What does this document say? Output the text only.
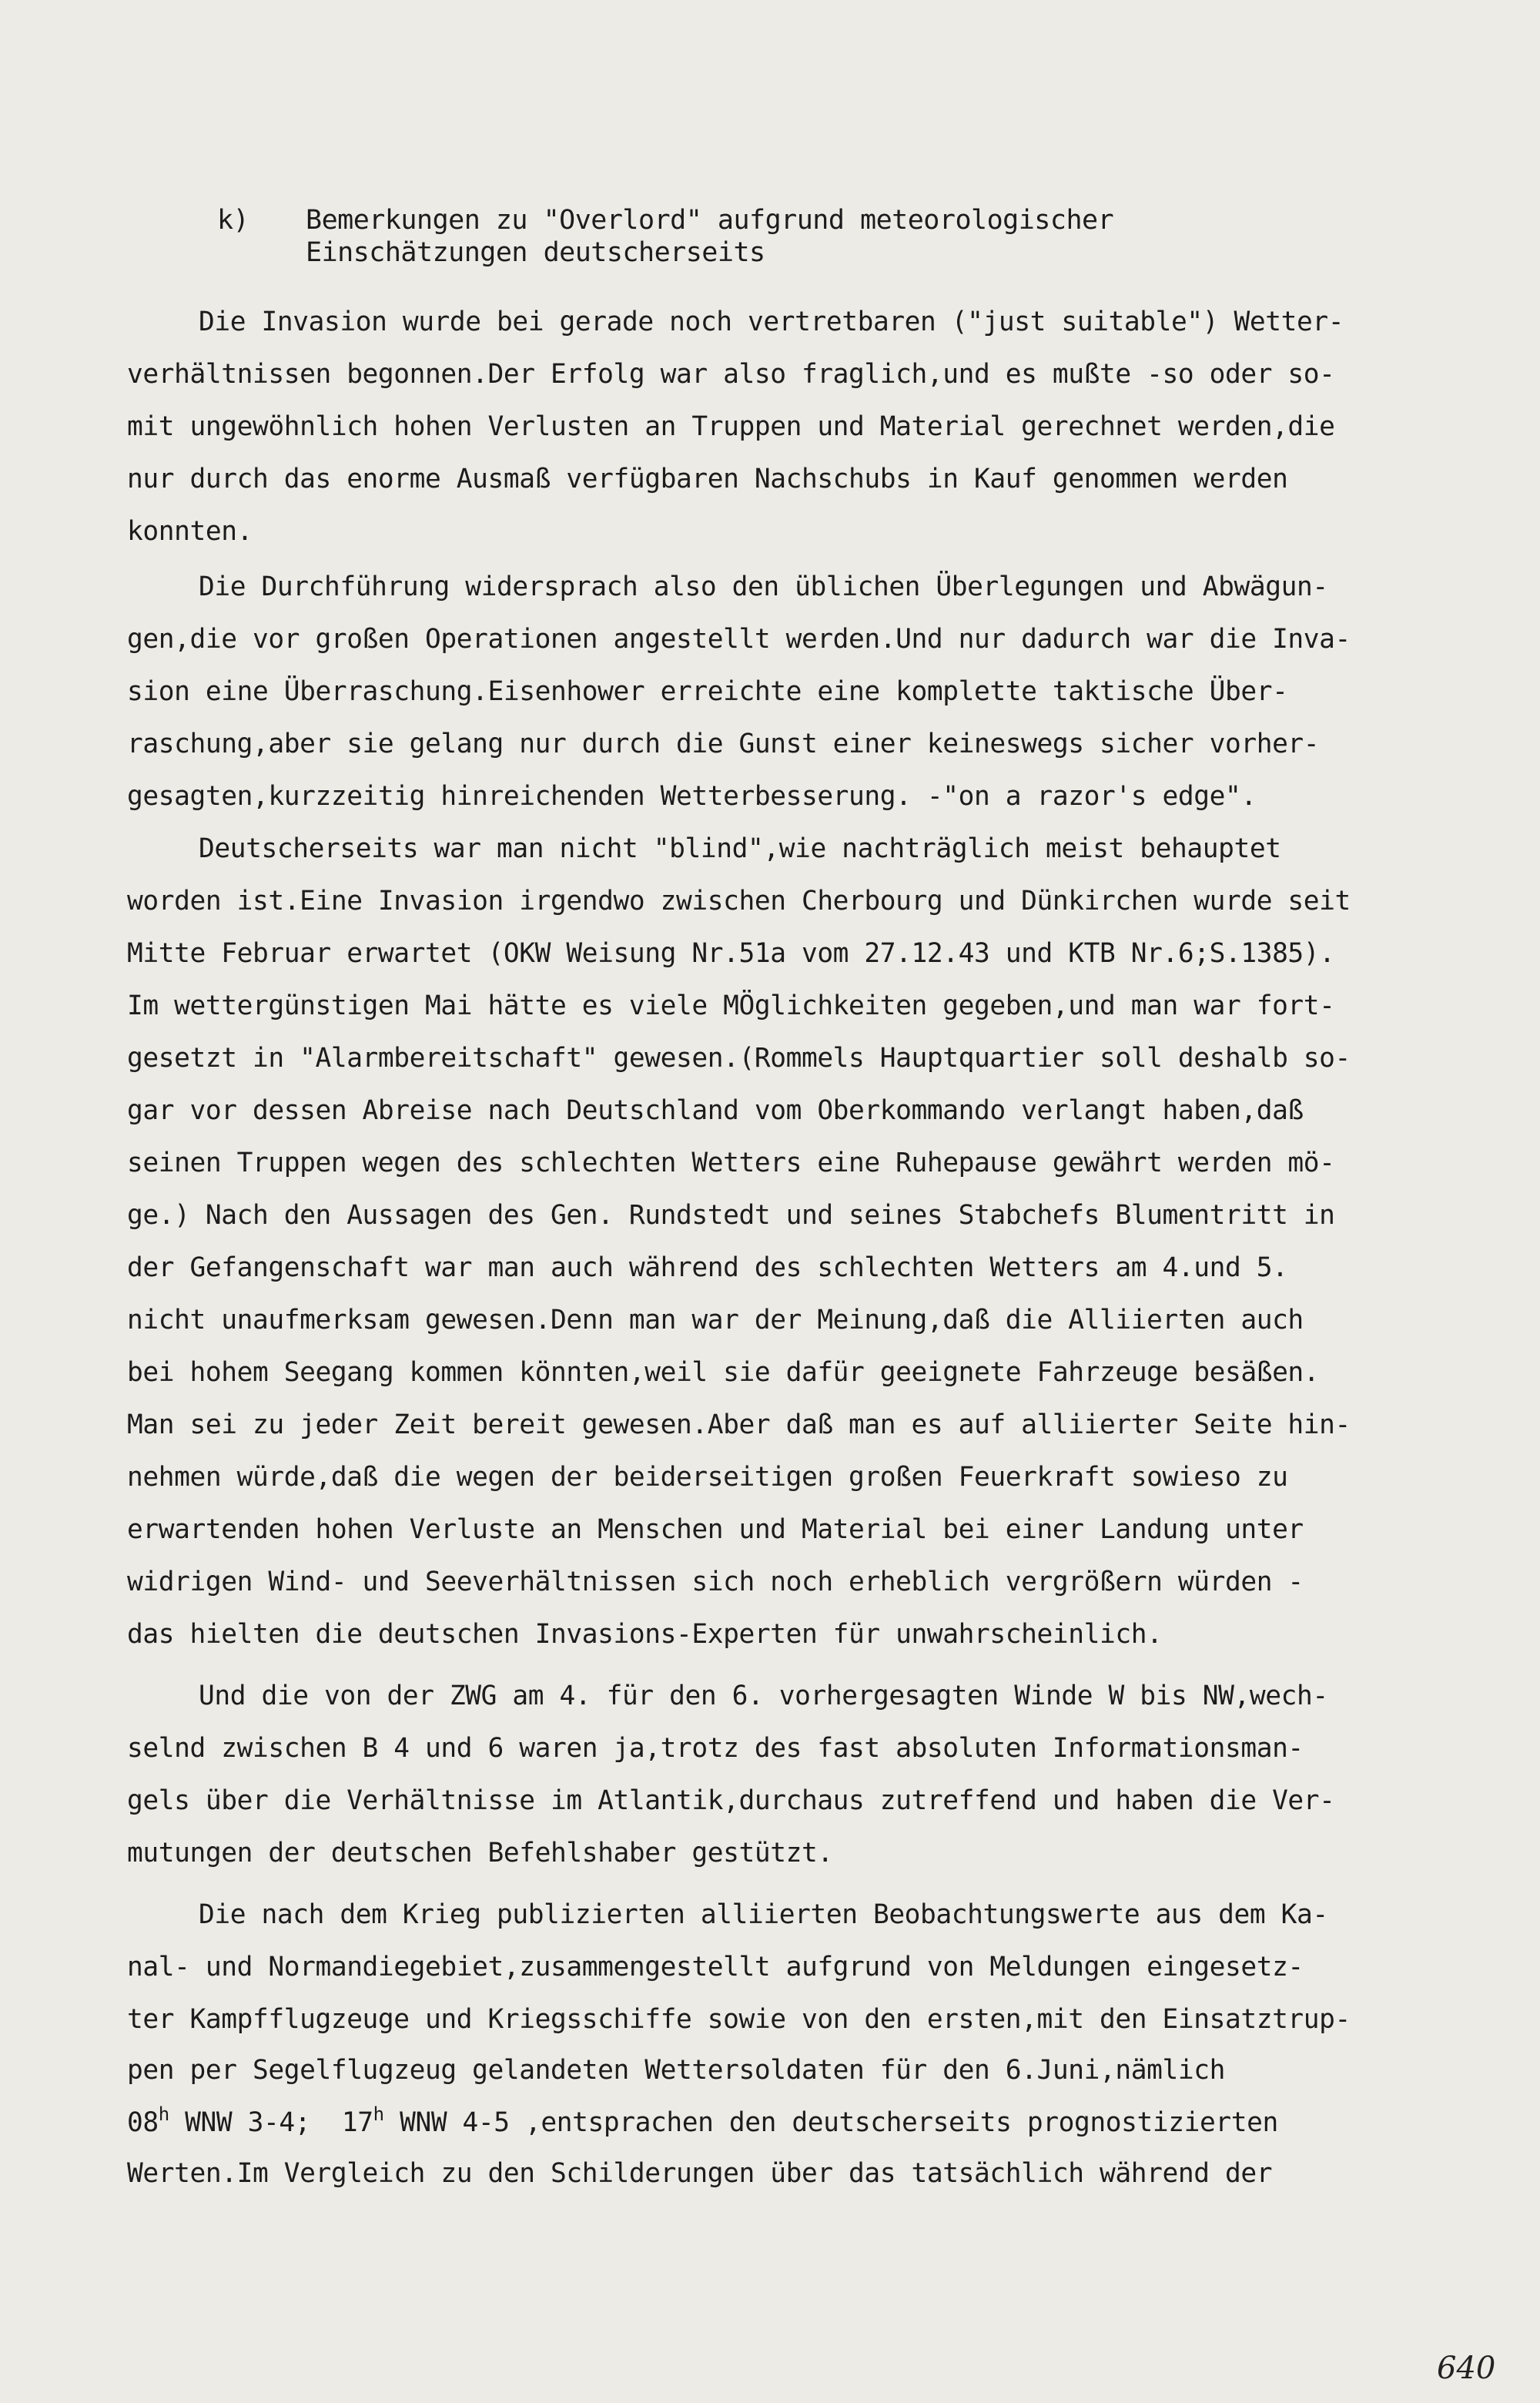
k) Bemerkungen zu "Overlord" aufgrund meteorologischer
Einschätzungen deutscherseits
Die Invasion wurde bei gerade noch vertretbaren ("just suitable") Wetter-
verhältnissen begonnen.Der Erfolg war also fraglich,und es mußte -so oder so-
mit ungewöhnlich hohen Verlusten an Truppen und Material gerechnet werden,die
nur durch das enorme Ausmaß verfügbaren Nachschubs in Kauf genommen werden
konnten.
Die Durchführung widersprach also den üblichen Überlegungen und Abwägun-
gen,die vor großen Operationen angestellt werden.Und nur dadurch war die Inva-
sion eine Überraschung.Eisenhower erreichte eine komplette taktische Über-
raschung,aber sie gelang nur durch die Gunst einer keineswegs sicher vorher-
gesagten,kurzzeitig hinreichenden Wetterbesserung. -"on a razor's edge".
Deutscherseits war man nicht "blind",wie nachträglich meist behauptet
worden ist.Eine Invasion irgendwo zwischen Cherbourg und Dünkirchen wurde seit
Mitte Februar erwartet (OKW Weisung Nr.51a vom 27.12.43 und KTB Nr.6;S.1385).
Im wettergünstigen Mai hätte es viele MÖglichkeiten gegeben,und man war fort-
gesetzt in "Alarmbereitschaft" gewesen.(Rommels Hauptquartier soll deshalb so-
gar vor dessen Abreise nach Deutschland vom Oberkommando verlangt haben,daß
seinen Truppen wegen des schlechten Wetters eine Ruhepause gewährt werden mö-
ge.) Nach den Aussagen des Gen. Rundstedt und seines Stabchefs Blumentritt in
der Gefangenschaft war man auch während des schlechten Wetters am 4.und 5.
nicht unaufmerksam gewesen.Denn man war der Meinung,daß die Alliierten auch
bei hohem Seegang kommen könnten,weil sie dafür geeignete Fahrzeuge besäßen.
Man sei zu jeder Zeit bereit gewesen.Aber daß man es auf alliierter Seite hin-
nehmen würde,daß die wegen der beiderseitigen großen Feuerkraft sowieso zu
erwartenden hohen Verluste an Menschen und Material bei einer Landung unter
widrigen Wind- und Seeverhältnissen sich noch erheblich vergrößern würden -
das hielten die deutschen Invasions-Experten für unwahrscheinlich.
Und die von der ZWG am 4. für den 6. vorhergesagten Winde W bis NW,wech-
selnd zwischen B 4 und 6 waren ja,trotz des fast absoluten Informationsman-
gels über die Verhältnisse im Atlantik,durchaus zutreffend und haben die Ver-
mutungen der deutschen Befehlshaber gestützt.
Die nach dem Krieg publizierten alliierten Beobachtungswerte aus dem Ka-
nal- und Normandiegebiet,zusammengestellt aufgrund von Meldungen eingesetz-
ter Kampfflugzeuge und Kriegsschiffe sowie von den ersten,mit den Einsatztrup-
pen per Segelflugzeug gelandeten Wettersoldaten für den 6.Juni,nämlich
08$^h$ WNW 3-4;  17$^h$ WNW 4-5 ,entsprachen den deutscherseits prognostizierten
Werten.Im Vergleich zu den Schilderungen über das tatsächlich während der
640
